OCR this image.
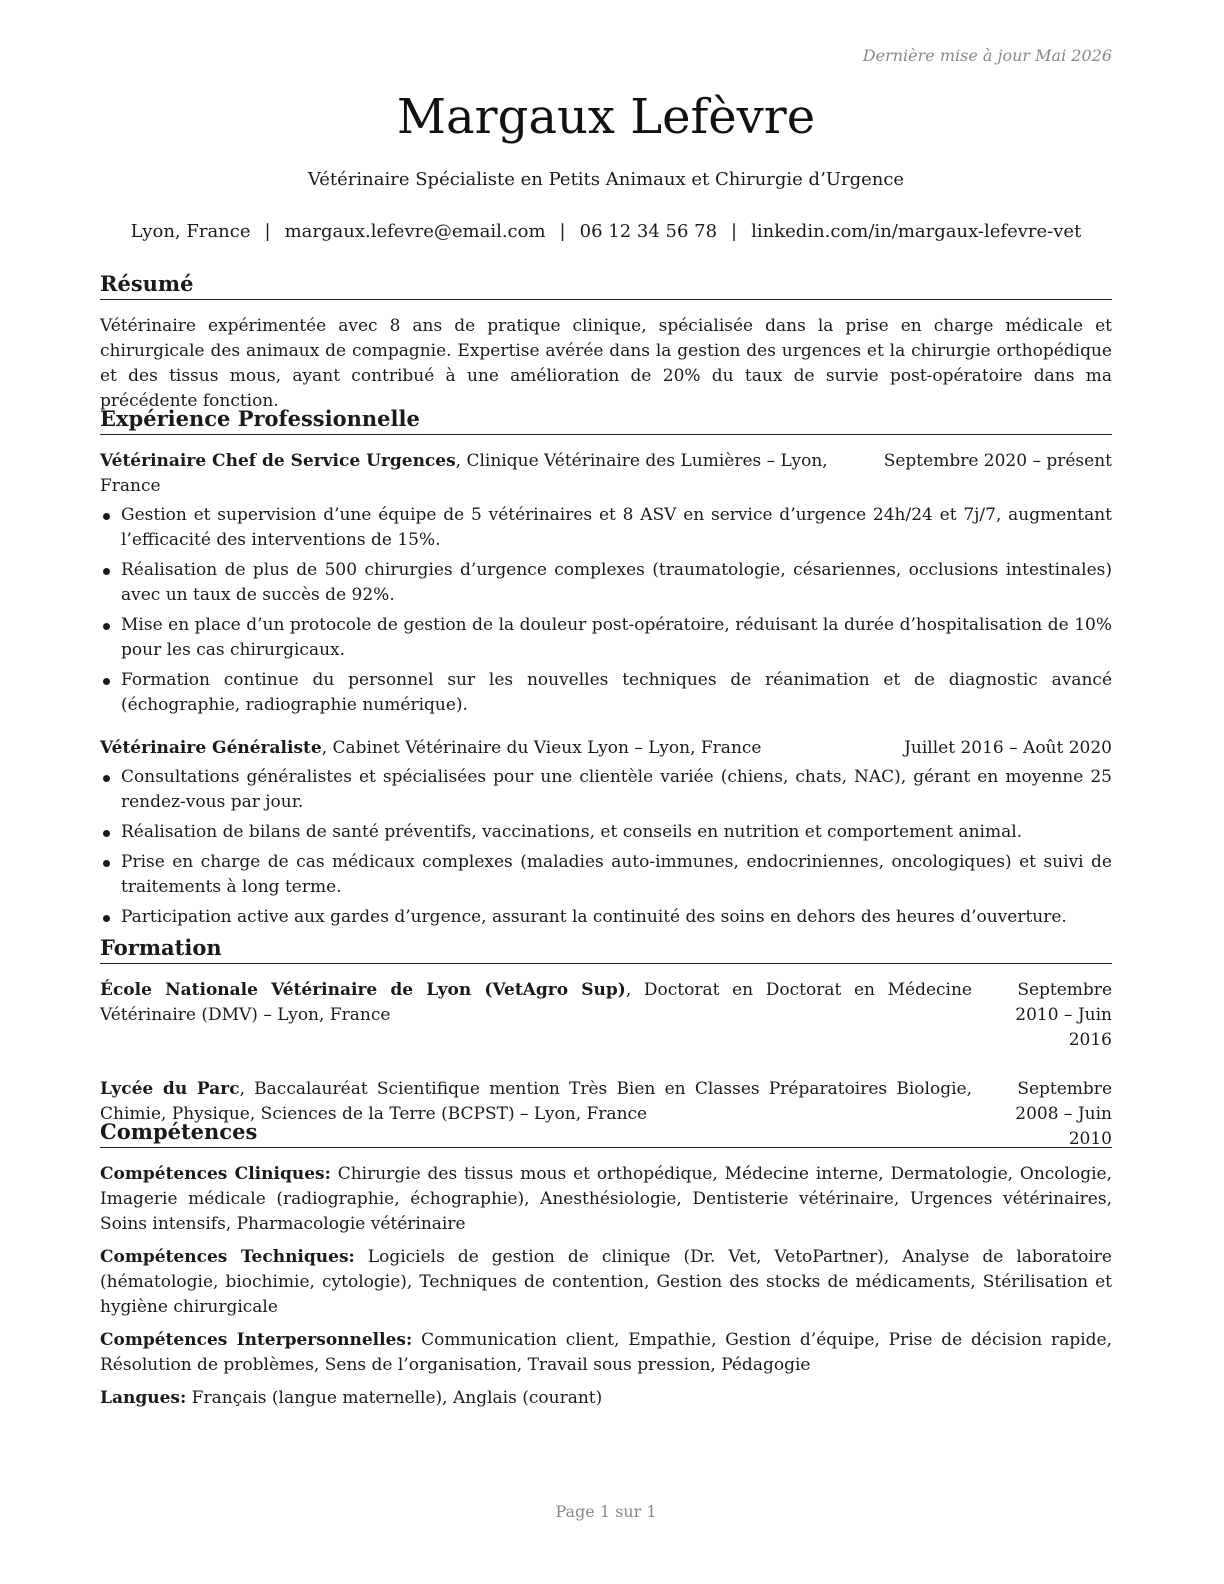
Dernière mise à jour Mai 2026
Margaux Lefèvre
Vétérinaire Spécialiste en Petits Animaux et Chirurgie d’Urgence
Lyon, France | margaux.lefevre@email.com | 06 12 34 56 78 | linkedin.com/in/margaux-lefevre-vet
Résumé

Vétérinaire expérimentée avec 8 ans de pratique clinique, spécialisée dans la prise en charge médicale et chirurgicale des animaux de compagnie. Expertise avérée dans la gestion des urgences et la chirurgie orthopédique et des tissus mous, ayant contribué à une amélioration de 20% du taux de survie post-opératoire dans ma précédente fonction.

Expérience Professionnelle
Vétérinaire Chef de Service Urgences, Clinique Vétérinaire des Lumières – Lyon, France
Septembre 2020 – présent
Gestion et supervision d’une équipe de 5 vétérinaires et 8 ASV en service d’urgence 24h/24 et 7j/7, augmentant l’efficacité des interventions de 15%.
Réalisation de plus de 500 chirurgies d’urgence complexes (traumatologie, césariennes, occlusions intestinales) avec un taux de succès de 92%.
Mise en place d’un protocole de gestion de la douleur post-opératoire, réduisant la durée d’hospitalisation de 10% pour les cas chirurgicaux.
Formation continue du personnel sur les nouvelles techniques de réanimation et de diagnostic avancé (échographie, radiographie numérique).
Vétérinaire Généraliste, Cabinet Vétérinaire du Vieux Lyon – Lyon, France	Juillet 2016 – Août 2020
Consultations généralistes et spécialisées pour une clientèle variée (chiens, chats, NAC), gérant en moyenne 25 rendez-vous par jour.
Réalisation de bilans de santé préventifs, vaccinations, et conseils en nutrition et comportement animal.
Prise en charge de cas médicaux complexes (maladies auto-immunes, endocriniennes, oncologiques) et suivi de traitements à long terme.
Participation active aux gardes d’urgence, assurant la continuité des soins en dehors des heures d’ouverture.
Formation
École Nationale Vétérinaire de Lyon (VetAgro Sup), Doctorat en Doctorat en Médecine Vétérinaire (DMV) – Lyon, France
Septembre 2010 – Juin 2016
Lycée du Parc, Baccalauréat Scientifique mention Très Bien en Classes Préparatoires Biologie, Chimie, Physique, Sciences de la Terre (BCPST) – Lyon, France
Septembre 2008 – Juin 2010
Compétences

Compétences Cliniques: Chirurgie des tissus mous et orthopédique, Médecine interne, Dermatologie, Oncologie, Imagerie médicale (radiographie, échographie), Anesthésiologie, Dentisterie vétérinaire, Urgences vétérinaires, Soins intensifs, Pharmacologie vétérinaire

Compétences Techniques: Logiciels de gestion de clinique (Dr. Vet, VetoPartner), Analyse de laboratoire (hématologie, biochimie, cytologie), Techniques de contention, Gestion des stocks de médicaments, Stérilisation et hygiène chirurgicale

Compétences Interpersonnelles: Communication client, Empathie, Gestion d’équipe, Prise de décision rapide, Résolution de problèmes, Sens de l’organisation, Travail sous pression, Pédagogie

Langues: Français (langue maternelle), Anglais (courant)

Page 1 sur 1
